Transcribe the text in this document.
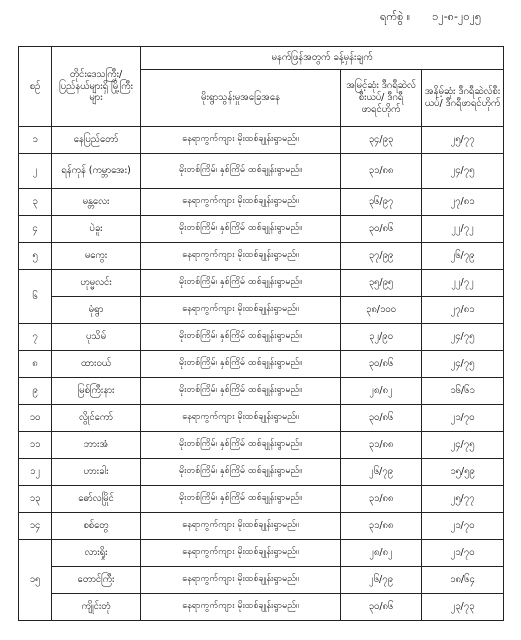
ရက်စွဲ ။ ၁၂-၈-၂၀၂၅
စဉ်	တိုင်းဒေသကြီး/ ပြည်နယ်များရှိ မြို့ကြီးများ	မနက်ဖြန်အတွက် ခန့်မှန်းချက်		
		မိုးရွာသွန်းမှုအခြေအနေ	အမြင့်ဆုံး ဒီဂရီဆဲလ်စီးယပ်/ ဒီဂရီဖာရင်ဟိုက်	အနိမ့်ဆုံး ဒီဂရီဆဲလ်စီးယပ်/ ဒီဂရီဖာရင်ဟိုက်
၁	နေပြည်တော်	နေရာကွက်ကျား မိုးထစ်ချုန်းရွာမည်။	၃၄/၉၃	၂၅/၇၇
၂	ရန်ကုန် (ကမ္ဘာအေး)	မိုးတစ်ကြိမ်၊ နှစ်ကြိမ် ထစ်ချုန်းရွာမည်။	၃၁/၈၈	၂၄/၇၅
၃	မန္တလေး	နေရာကွက်ကျား မိုးထစ်ချုန်းရွာမည်။	၃၆/၉၇	၂၇/၈၁
၄	ပဲခူး	မိုးတစ်ကြိမ်၊ နှစ်ကြိမ် ထစ်ချုန်းရွာမည်။	၃၀/၈၆	၂၂/၇၂
၅	မကွေး	နေရာကွက်ကျား မိုးထစ်ချုန်းရွာမည်။	၃၇/၉၉	၂၆/၇၉
၆	ဟုမ္မလင်း	မိုးတစ်ကြိမ်၊ နှစ်ကြိမ် ထစ်ချုန်းရွာမည်။	၃၅/၉၅	၂၂/၇၂
	မုံရွာ	နေရာကွက်ကျား မိုးထစ်ချုန်းရွာမည်။	၃၈/၁၀၀	၂၇/၈၁
၇	ပုသိမ်	မိုးတစ်ကြိမ်၊ နှစ်ကြိမ် ထစ်ချုန်းရွာမည်။	၃၂/၉၀	၂၄/၇၅
၈	ထားဝယ်	မိုးတစ်ကြိမ်၊ နှစ်ကြိမ် ထစ်ချုန်းရွာမည်။	၃၀/၈၆	၂၄/၇၅
၉	မြစ်ကြီးနား	မိုးတစ်ကြိမ်၊ နှစ်ကြိမ် ထစ်ချုန်းရွာမည်။	၂၈/၈၂	၁၆/၆၁
၁၀	လွိုင်ကော်	နေရာကွက်ကျား မိုးထစ်ချုန်းရွာမည်။	၃၀/၈၆	၂၁/၇၀
၁၁	ဘားအံ	မိုးတစ်ကြိမ်၊ နှစ်ကြိမ် ထစ်ချုန်းရွာမည်။	၃၁/၈၈	၂၄/၇၅
၁၂	ဟားခါး	မိုးတစ်ကြိမ်၊ နှစ်ကြိမ် ထစ်ချုန်းရွာမည်။	၂၆/၇၉	၁၅/၅၉
၁၃	ဓော်လမြိုင်	မိုးတစ်ကြိမ်၊ နှစ်ကြိမ် ထစ်ချုန်းရွာမည်။	၃၁/၈၈	၂၅/၇၇
၁၄	စစ်တွေ	နေရာကွက်ကျား မိုးထစ်ချုန်းရွာမည်။	၃၁/၈၈	၂၁/၇၀
၁၅	လားရှိုး	နေရာကွက်ကျား မိုးထစ်ချုန်းရွာမည်။	၂၈/၈၂	၂၁/၇၀
	တောင်ကြီး	နေရာကွက်ကျား မိုးထစ်ချုန်းရွာမည်။	၂၆/၇၉	၁၈/၆၄
	ကျိုင်းတုံ	နေရာကွက်ကျား မိုးထစ်ချုန်းရွာမည်။	၃၀/၈၆	၂၃/၇၃
